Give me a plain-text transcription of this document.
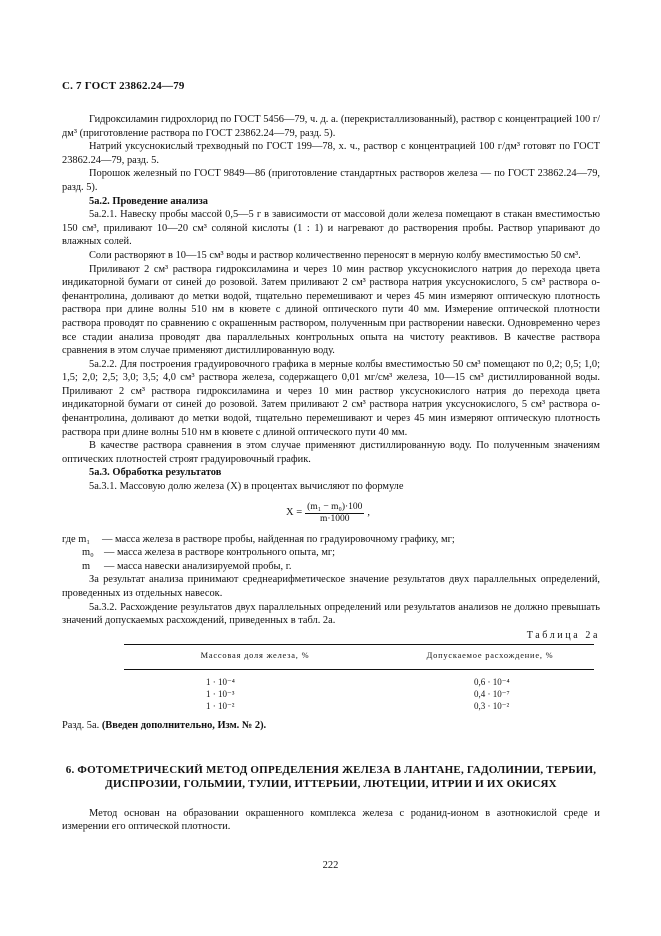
С. 7 ГОСТ 23862.24—79

Гидроксиламин гидрохлорид по ГОСТ 5456—79, ч. д. а. (перекристаллизованный), раствор с концентрацией 100 г/дм³ (приготовление раствора по ГОСТ 23862.24—79, разд. 5).

Натрий уксуснокислый трехводный по ГОСТ 199—78, х. ч., раствор с концентрацией 100 г/дм³ готовят по ГОСТ 23862.24—79, разд. 5.

Порошок железный по ГОСТ 9849—86 (приготовление стандартных растворов железа — по ГОСТ 23862.24—79, разд. 5).

5а.2. Проведение анализа

5а.2.1. Навеску пробы массой 0,5—5 г в зависимости от массовой доли железа помещают в стакан вместимостью 150 см³, приливают 10—20 см³ соляной кислоты (1 : 1) и нагревают до растворения пробы. Раствор упаривают до влажных солей.

Соли растворяют в 10—15 см³ воды и раствор количественно переносят в мерную колбу вместимостью 50 см³.

Приливают 2 см³ раствора гидроксиламина и через 10 мин раствор уксуснокислого натрия до перехода цвета индикаторной бумаги от синей до розовой. Затем приливают 2 см³ раствора натрия уксуснокислого, 5 см³ раствора о-фенантролина, доливают до метки водой, тщательно перемешивают и через 45 мин измеряют оптическую плотность раствора при длине волны 510 нм в кювете с длиной оптического пути 40 мм. Измерение оптической плотности раствора проводят по сравнению с окрашенным раствором, полученным при растворении навески. Одновременно через все стадии анализа проводят два параллельных контрольных опыта на чистоту реактивов. В качестве раствора сравнения в этом случае применяют дистиллированную воду.

5а.2.2. Для построения градуировочного графика в мерные колбы вместимостью 50 см³ помещают по 0,2; 0,5; 1,0; 1,5; 2,0; 2,5; 3,0; 3,5; 4,0 см³ раствора железа, содержащего 0,01 мг/см³ железа, 10—15 см³ дистиллированной воды. Приливают 2 см³ раствора гидроксиламина и через 10 мин раствор уксуснокислого натрия до перехода цвета индикаторной бумаги от синей до розовой. Затем приливают 2 см³ раствора натрия уксуснокислого, 5 см³ раствора о-фенантролина, доливают до метки водой, тщательно перемешивают и через 45 мин измеряют оптическую плотность раствора при длине волны 510 нм в кювете с длиной оптического пути 40 мм.

В качестве раствора сравнения в этом случае применяют дистиллированную воду. По полученным значениям оптических плотностей строят градуировочный график.

5а.3. Обработка результатов

5а.3.1. Массовую долю железа (X) в процентах вычисляют по формуле

$X = \frac{\text{(m₁ − m₀)·100}}{m\cdot 1000}$ ,
где m₁	— масса железа в растворе пробы, найденная по градуировочному графику, мг;
m₀ — масса железа в растворе контрольного опыта, мг;
m	— масса навески анализируемой пробы, г.

За результат анализа принимают среднеарифметическое значение результатов двух параллельных определений, проведенных из отдельных навесок.

5а.3.2. Расхождение результатов двух параллельных определений или результатов анализов не должно превышать значений допускаемых расхождений, приведенных в табл. 2а.

Таблица 2а
Массовая доля железа, %	Допускаемое расхождение, %
1 · 10⁻⁴	0,6 · 10⁻⁴
1 · 10⁻³	0,4 · 10⁻⁷
1 · 10⁻²	0,3 · 10⁻²

Разд. 5а. (Введен дополнительно, Изм. № 2).

6. ФОТОМЕТРИЧЕСКИЙ МЕТОД ОПРЕДЕЛЕНИЯ ЖЕЛЕЗА В ЛАНТАНЕ, ГАДОЛИНИИ, ТЕРБИИ, ДИСПРОЗИИ, ГОЛЬМИИ, ТУЛИИ, ИТТЕРБИИ, ЛЮТЕЦИИ, ИТРИИ И ИХ ОКИСЯХ

Метод основан на образовании окрашенного комплекса железа с роданид-ионом в азотнокислой среде и измерении его оптической плотности.

222
